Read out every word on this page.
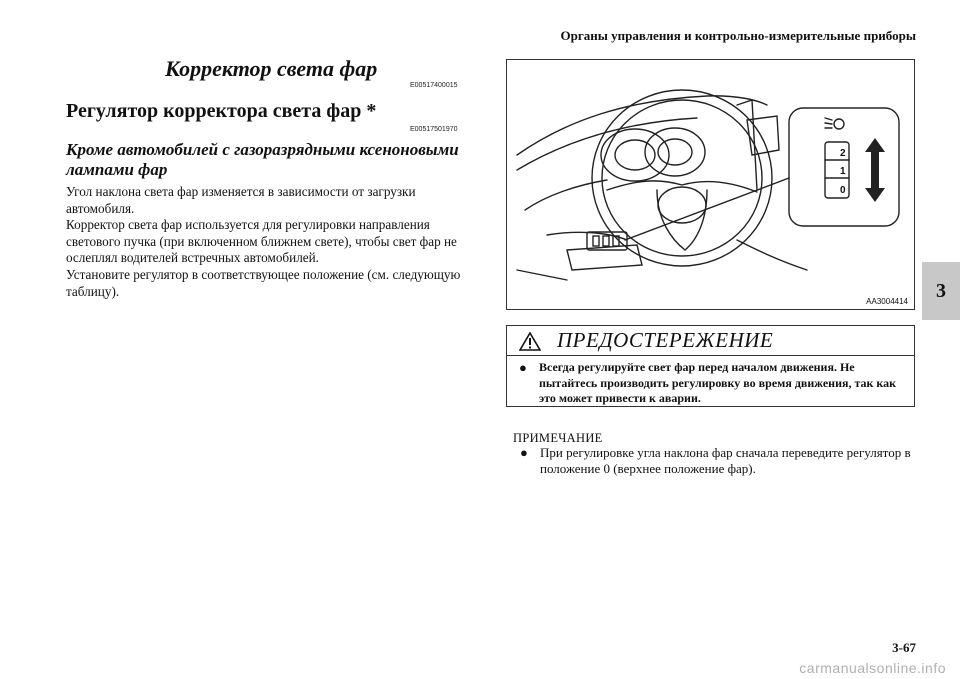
Органы управления и контрольно-измерительные приборы
3
Корректор света фар
E00517400015
Регулятор корректора света фар *
E00517501970
Кроме автомобилей с газоразрядными ксеноновыми лампами фар

Угол наклона света фар изменяется в зависимости от загрузки автомобиля.

Корректор света фар используется для регулировки направления светового пучка (при включенном ближнем свете), чтобы свет фар не ослеплял водителей встречных автомобилей.

Установите регулятор в соответствующее положение (см. следующую таблицу).

2
1
0
AA3004414
ПРЕДОСТЕРЕЖЕНИЕ
●	Всегда регулируйте свет фар перед началом движения. Не пытайтесь производить регулировку во время движения, так как это может привести к аварии.
ПРИМЕЧАНИЕ
● При регулировке угла наклона фар сначала переведите регулятор в положение 0 (верхнее положение фар).
3-67
carmanualsonline.info
